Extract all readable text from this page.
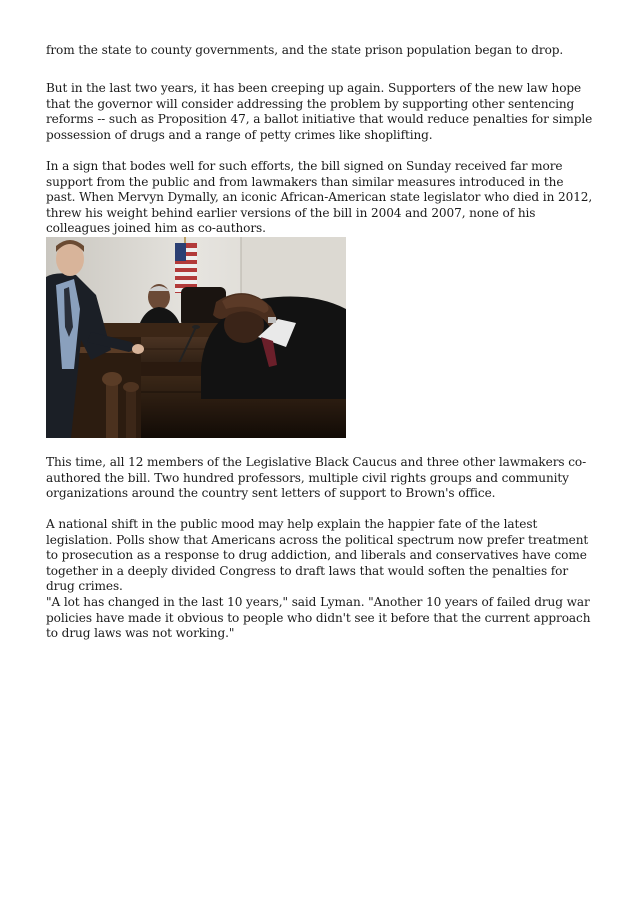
from the state to county governments, and the state prison population began to drop.

But in the last two years, it has been creeping up again. Supporters of the new law hope that the governor will consider addressing the problem by supporting other sentencing reforms -- such as Proposition 47, a ballot initiative that would reduce penalties for simple possession of drugs and a range of petty crimes like shoplifting.

In a sign that bodes well for such efforts, the bill signed on Sunday received far more support from the public and from lawmakers than similar measures introduced in the past. When Mervyn Dymally, an iconic African-American state legislator who died in 2012, threw his weight behind earlier versions of the bill in 2004 and 2007, none of his colleagues joined him as co-authors.

This time, all 12 members of the Legislative Black Caucus and three other lawmakers co-authored the bill. Two hundred professors, multiple civil rights groups and community organizations around the country sent letters of support to Brown's office.

A national shift in the public mood may help explain the happier fate of the latest legislation. Polls show that Americans across the political spectrum now prefer treatment to prosecution as a response to drug addiction, and liberals and conservatives have come together in a deeply divided Congress to draft laws that would soften the penalties for drug crimes.

"A lot has changed in the last 10 years," said Lyman. "Another 10 years of failed drug war policies have made it obvious to people who didn't see it before that the current approach to drug laws was not working."
